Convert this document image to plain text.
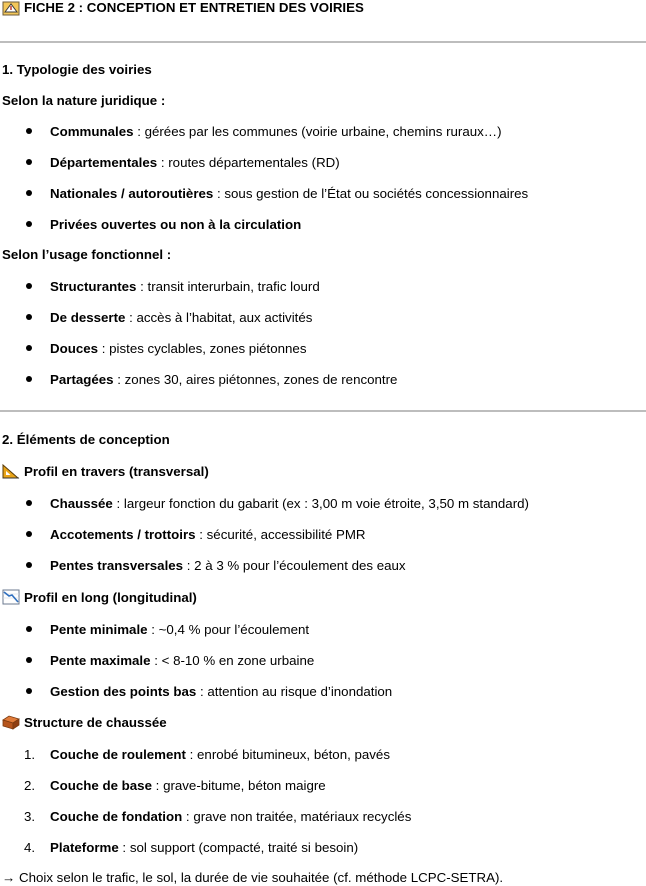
FICHE 2 : CONCEPTION ET ENTRETIEN DES VOIRIES
1. Typologie des voiries
Selon la nature juridique :
Communales : gérées par les communes (voirie urbaine, chemins ruraux…)
Départementales : routes départementales (RD)
Nationales / autoroutières : sous gestion de l’État ou sociétés concessionnaires
Privées ouvertes ou non à la circulation
Selon l’usage fonctionnel :
Structurantes : transit interurbain, trafic lourd
De desserte : accès à l’habitat, aux activités
Douces : pistes cyclables, zones piétonnes
Partagées : zones 30, aires piétonnes, zones de rencontre
2. Éléments de conception
Profil en travers (transversal)
Chaussée : largeur fonction du gabarit (ex : 3,00 m voie étroite, 3,50 m standard)
Accotements / trottoirs : sécurité, accessibilité PMR
Pentes transversales : 2 à 3 % pour l’écoulement des eaux
Profil en long (longitudinal)
Pente minimale : ~0,4 % pour l’écoulement
Pente maximale : < 8-10 % en zone urbaine
Gestion des points bas : attention au risque d’inondation
Structure de chaussée
1. Couche de roulement : enrobé bitumineux, béton, pavés
2. Couche de base : grave-bitume, béton maigre
3. Couche de fondation : grave non traitée, matériaux recyclés
4. Plateforme : sol support (compacté, traité si besoin)
→ Choix selon le trafic, le sol, la durée de vie souhaitée (cf. méthode LCPC-SETRA).
